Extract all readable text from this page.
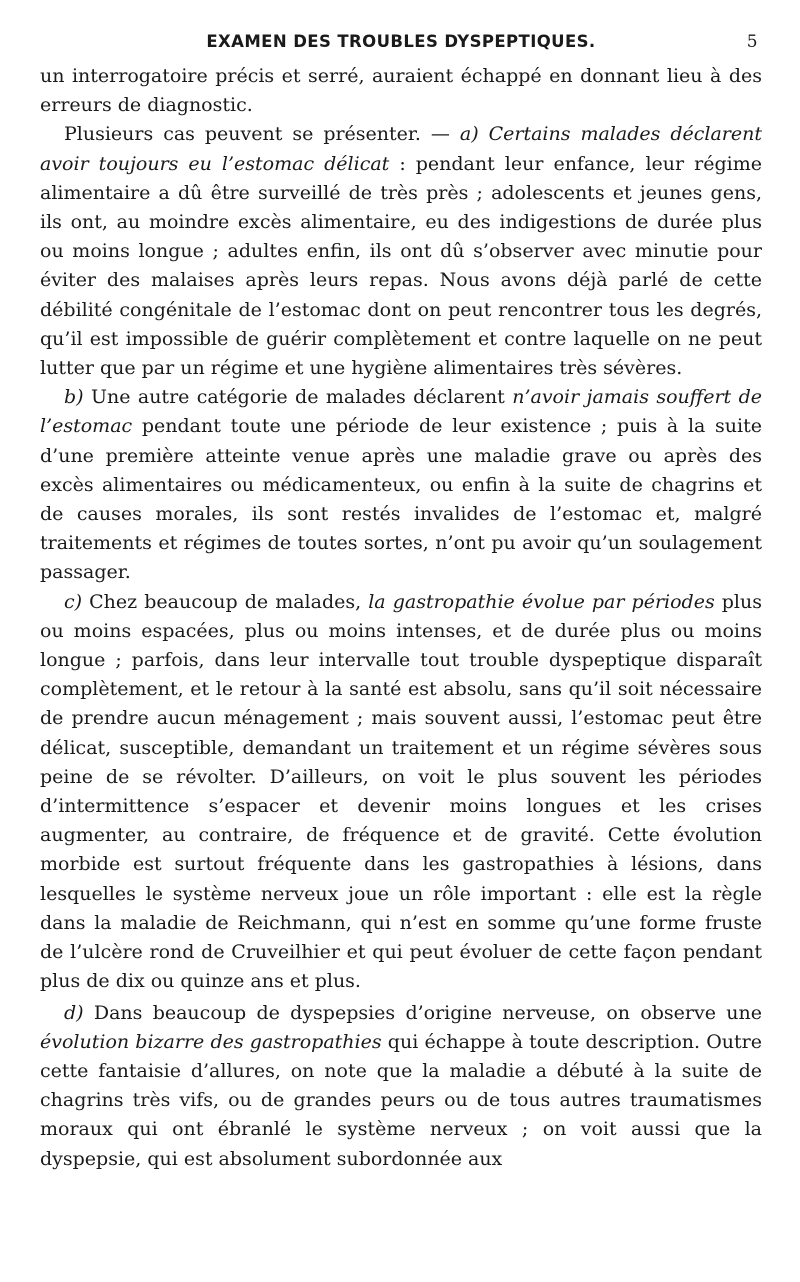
EXAMEN DES TROUBLES DYSPEPTIQUES.	5

un interrogatoire précis et serré, auraient échappé en donnant lieu à des erreurs de diagnostic.

Plusieurs cas peuvent se présenter. — a) Certains malades déclarent avoir toujours eu l’estomac délicat : pendant leur enfance, leur régime alimentaire a dû être surveillé de très près ; adolescents et jeunes gens, ils ont, au moindre excès alimentaire, eu des indigestions de durée plus ou moins longue ; adultes enfin, ils ont dû s’observer avec minutie pour éviter des malaises après leurs repas. Nous avons déjà parlé de cette débilité congénitale de l’estomac dont on peut rencontrer tous les degrés, qu’il est impossible de guérir complètement et contre laquelle on ne peut lutter que par un régime et une hygiène alimentaires très sévères.

b) Une autre catégorie de malades déclarent n’avoir jamais souffert de l’estomac pendant toute une période de leur existence ; puis à la suite d’une première atteinte venue après une maladie grave ou après des excès alimentaires ou médicamenteux, ou enfin à la suite de chagrins et de causes morales, ils sont restés invalides de l’estomac et, malgré traitements et régimes de toutes sortes, n’ont pu avoir qu’un soulagement passager.

c) Chez beaucoup de malades, la gastropathie évolue par périodes plus ou moins espacées, plus ou moins intenses, et de durée plus ou moins longue ; parfois, dans leur intervalle tout trouble dyspeptique disparaît complètement, et le retour à la santé est absolu, sans qu’il soit nécessaire de prendre aucun ménagement ; mais souvent aussi, l’estomac peut être délicat, susceptible, demandant un traitement et un régime sévères sous peine de se révolter. D’ailleurs, on voit le plus souvent les périodes d’intermittence s’espacer et devenir moins longues et les crises augmenter, au contraire, de fréquence et de gravité. Cette évolution morbide est surtout fréquente dans les gastropathies à lésions, dans lesquelles le système nerveux joue un rôle important : elle est la règle dans la maladie de Reichmann, qui n’est en somme qu’une forme fruste de l’ulcère rond de Cruveilhier et qui peut évoluer de cette façon pendant plus de dix ou quinze ans et plus.

d) Dans beaucoup de dyspepsies d’origine nerveuse, on observe une évolution bizarre des gastropathies qui échappe à toute description. Outre cette fantaisie d’allures, on note que la maladie a débuté à la suite de chagrins très vifs, ou de grandes peurs ou de tous autres traumatismes moraux qui ont ébranlé le système nerveux ; on voit aussi que la dyspepsie, qui est absolument subordonnée aux
